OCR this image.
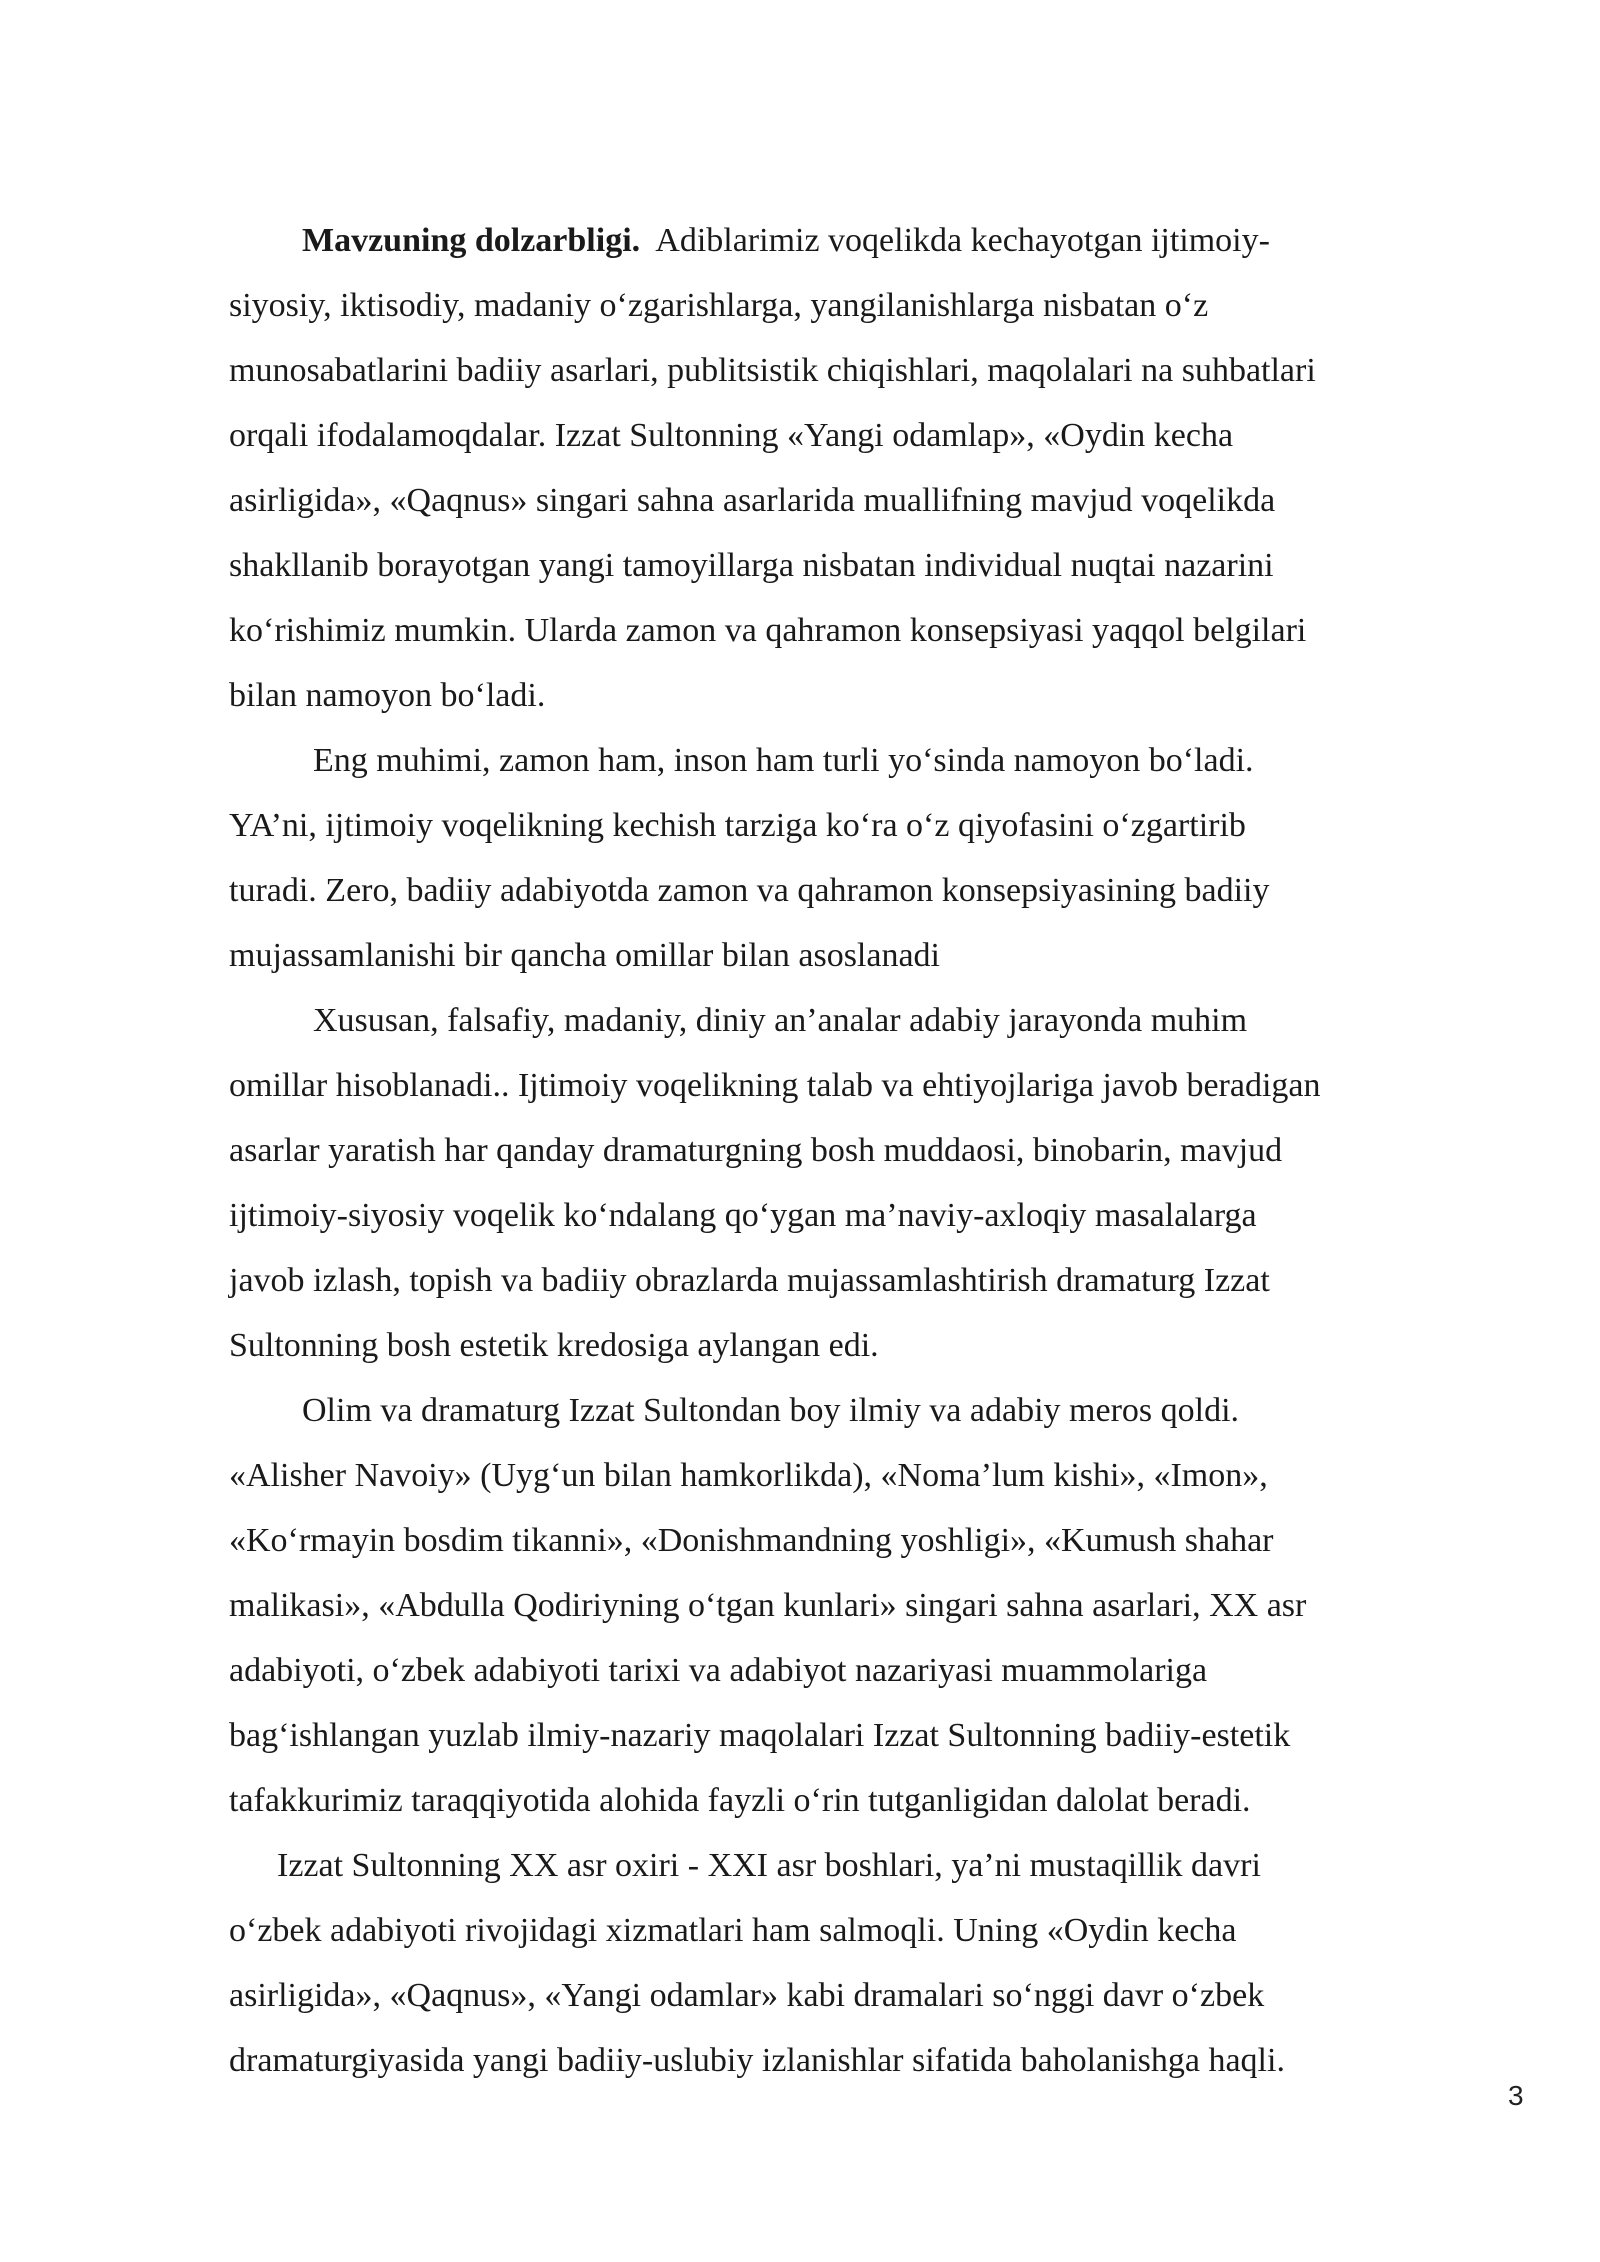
Mavzuning dolzarbligi.  Adiblarimiz voqelikda kechayotgan ijtimoiy-
siyosiy, iktisodiy, madaniy o‘zgarishlarga, yangilanishlarga nisbatan o‘z
munosabatlarini badiiy asarlari, publitsistik chiqishlari, maqolalari na suhbatlari
orqali ifodalamoqdalar. Izzat Sultonning «Yangi odamlap», «Oydin kecha
asirligida», «Qaqnus» singari sahna asarlarida muallifning mavjud voqelikda
shakllanib borayotgan yangi tamoyillarga nisbatan individual nuqtai nazarini
ko‘rishimiz mumkin. Ularda zamon va qahramon konsepsiyasi yaqqol belgilari
bilan namoyon bo‘ladi.
Eng muhimi, zamon ham, inson ham turli yo‘sinda namoyon bo‘ladi.
YA’ni, ijtimoiy voqelikning kechish tarziga ko‘ra o‘z qiyofasini o‘zgartirib
turadi. Zero, badiiy adabiyotda zamon va qahramon konsepsiyasining badiiy
mujassamlanishi bir qancha omillar bilan asoslanadi
Xususan, falsafiy, madaniy, diniy an’analar adabiy jarayonda muhim
omillar hisoblanadi.. Ijtimoiy voqelikning talab va ehtiyojlariga javob beradigan
asarlar yaratish har qanday dramaturgning bosh muddaosi, binobarin, mavjud
ijtimoiy-siyosiy voqelik ko‘ndalang qo‘ygan ma’naviy-axloqiy masalalarga
javob izlash, topish va badiiy obrazlarda mujassamlashtirish dramaturg Izzat
Sultonning bosh estetik kredosiga aylangan edi.
Olim va dramaturg Izzat Sultondan boy ilmiy va adabiy meros qoldi.
«Alisher Navoiy» (Uyg‘un bilan hamkorlikda), «Noma’lum kishi», «Imon»,
«Ko‘rmayin bosdim tikanni», «Donishmandning yoshligi», «Kumush shahar
malikasi», «Abdulla Qodiriyning o‘tgan kunlari» singari sahna asarlari, XX asr
adabiyoti, o‘zbek adabiyoti tarixi va adabiyot nazariyasi muammolariga
bag‘ishlangan yuzlab ilmiy-nazariy maqolalari Izzat Sultonning badiiy-estetik
tafakkurimiz taraqqiyotida alohida fayzli o‘rin tutganligidan dalolat beradi.
Izzat Sultonning XX asr oxiri - XXI asr boshlari, ya’ni mustaqillik davri
o‘zbek adabiyoti rivojidagi xizmatlari ham salmoqli. Uning «Oydin kecha
asirligida», «Qaqnus», «Yangi odamlar» kabi dramalari so‘nggi davr o‘zbek
dramaturgiyasida yangi badiiy-uslubiy izlanishlar sifatida baholanishga haqli.
3
